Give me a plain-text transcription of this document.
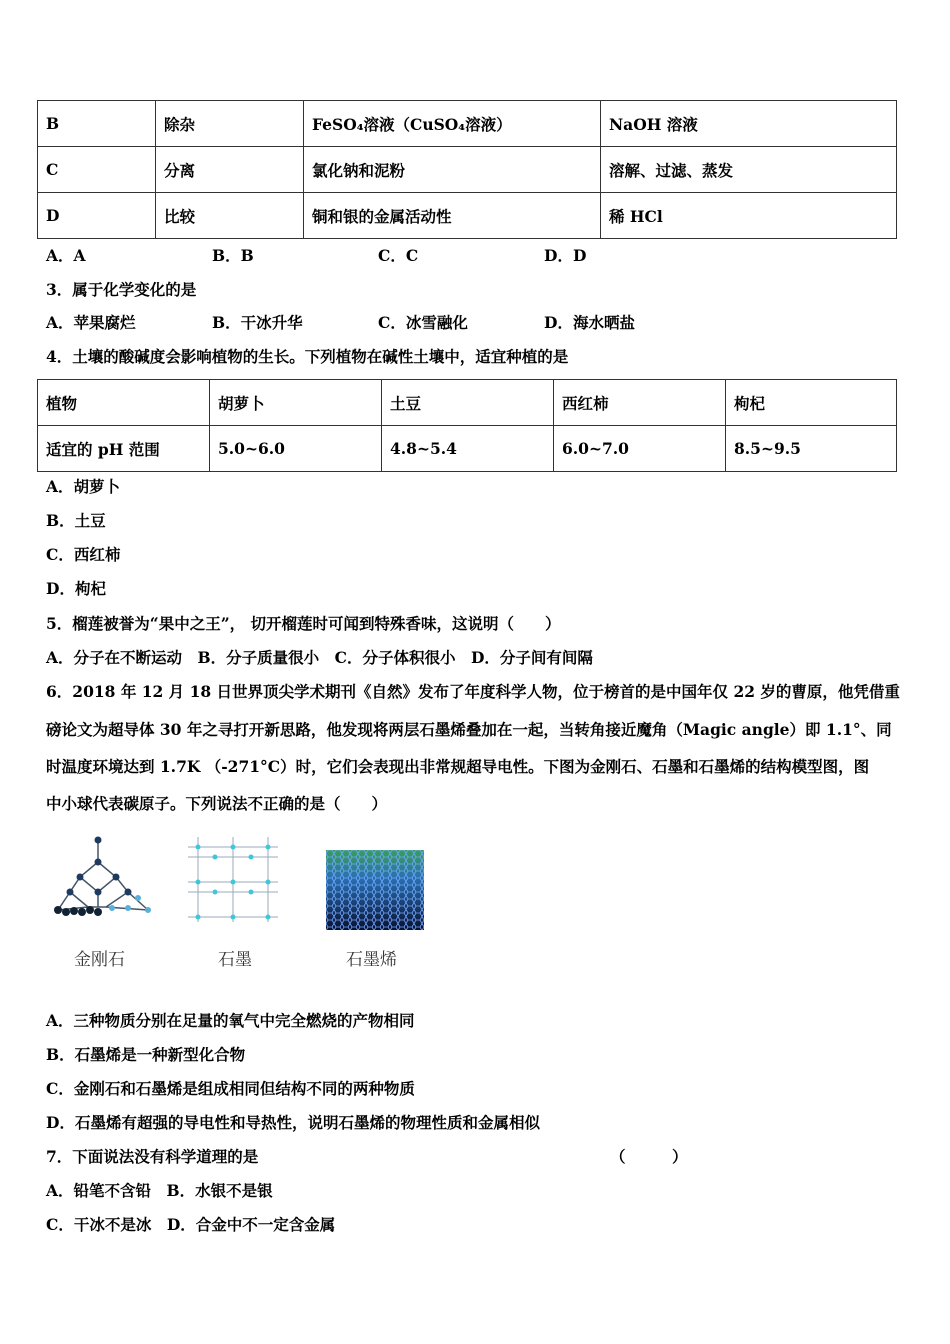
B	除杂	FeSO₄溶液（CuSO₄溶液）	NaOH 溶液
C	分离	氯化钠和泥粉	溶解、过滤、蒸发
D	比较	铜和银的金属活动性	稀 HCl
A．A	B．B	C．C	D．D
3．属于化学变化的是
A．苹果腐烂	B．干冰升华	C．冰雪融化	D．海水晒盐
4．土壤的酸碱度会影响植物的生长。下列植物在碱性土壤中，适宜种植的是
植物	胡萝卜	土豆	西红柿	枸杞
适宜的 pH 范围	5.0~6.0	4.8~5.4	6.0~7.0	8.5~9.5
A．胡萝卜
B．土豆
C．西红柿
D．枸杞
5．榴莲被誉为“果中之王”， 切开榴莲时可闻到特殊香味，这说明（　　）
A．分子在不断运动　B．分子质量很小　C．分子体积很小　D．分子间有间隔
6．2018 年 12 月 18 日世界顶尖学术期刊《自然》发布了年度科学人物，位于榜首的是中国年仅 22 岁的曹原，他凭借重
磅论文为超导体 30 年之寻打开新思路，他发现将两层石墨烯叠加在一起，当转角接近魔角（Magic angle）即 1.1°、同
时温度环境达到 1.7K （-271°C）时，它们会表现出非常规超导电性。下图为金刚石、石墨和石墨烯的结构模型图，图
中小球代表碳原子。下列说法不正确的是（　　）
金刚石	石墨	石墨烯
A．三种物质分别在足量的氧气中完全燃烧的产物相同
B．石墨烯是一种新型化合物
C．金刚石和石墨烯是组成相同但结构不同的两种物质
D．石墨烯有超强的导电性和导热性，说明石墨烯的物理性质和金属相似
7．下面说法没有科学道理的是	（　　　）
A．铅笔不含铅　B．水银不是银
C．干冰不是冰　D．合金中不一定含金属
